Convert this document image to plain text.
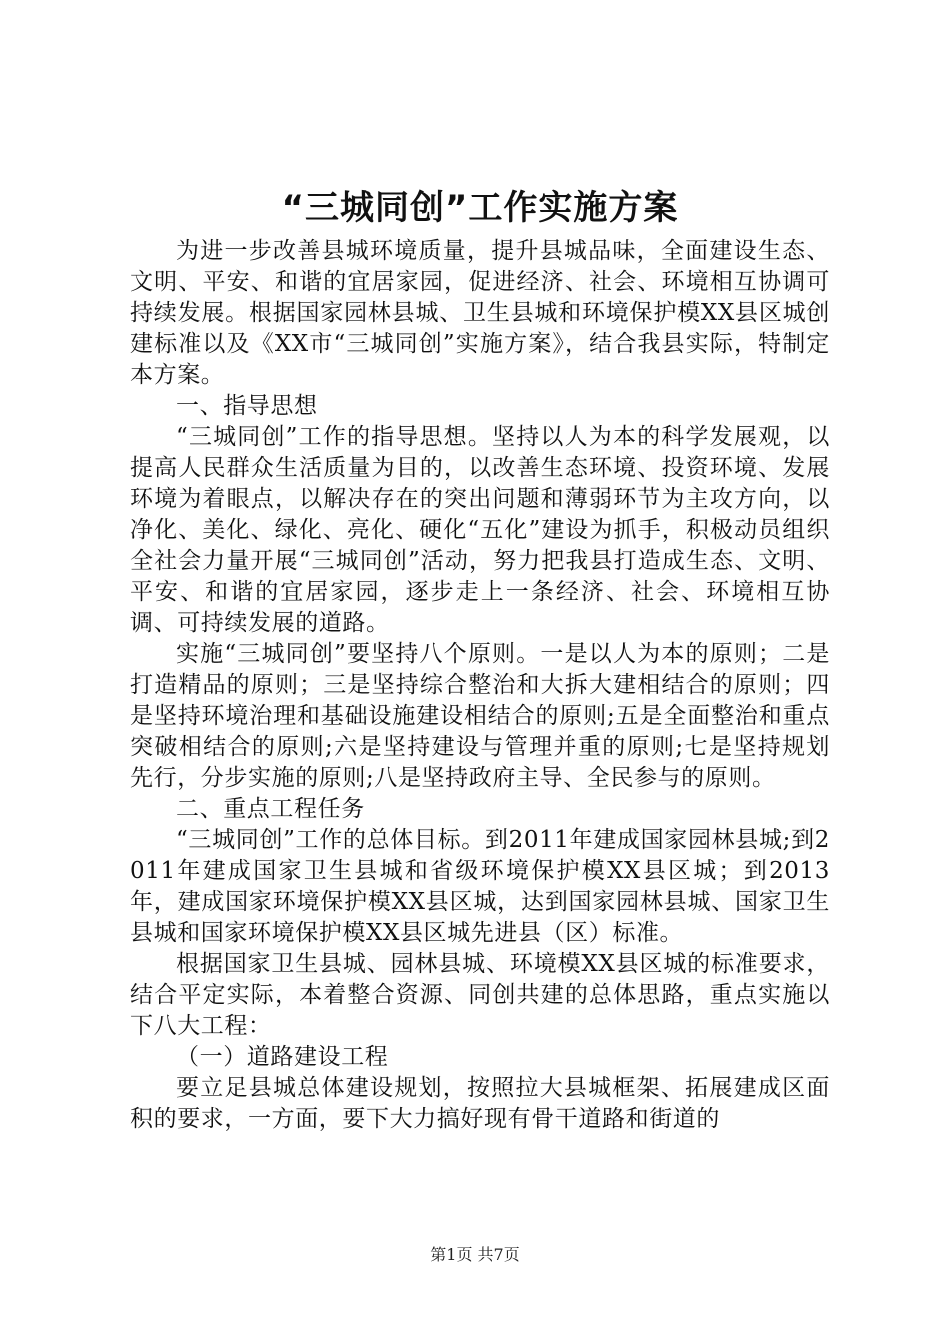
“三城同创”工作实施方案

为进一步改善县城环境质量，提升县城品味，全面建设生态、文明、平安、和谐的宜居家园，促进经济、社会、环境相互协调可持续发展。根据国家园林县城、卫生县城和环境保护模XX县区城创建标准以及《XX市“三城同创”实施方案》，结合我县实际，特制定本方案。

一、指导思想

“三城同创”工作的指导思想。坚持以人为本的科学发展观，以提高人民群众生活质量为目的，以改善生态环境、投资环境、发展环境为着眼点，以解决存在的突出问题和薄弱环节为主攻方向，以净化、美化、绿化、亮化、硬化“五化”建设为抓手，积极动员组织全社会力量开展“三城同创”活动，努力把我县打造成生态、文明、平安、和谐的宜居家园，逐步走上一条经济、社会、环境相互协调、可持续发展的道路。

实施“三城同创”要坚持八个原则。一是以人为本的原则；二是打造精品的原则；三是坚持综合整治和大拆大建相结合的原则；四是坚持环境治理和基础设施建设相结合的原则;五是全面整治和重点突破相结合的原则;六是坚持建设与管理并重的原则;七是坚持规划先行，分步实施的原则;八是坚持政府主导、全民参与的原则。

二、重点工程任务

“三城同创”工作的总体目标。到2011年建成国家园林县城;到2011年建成国家卫生县城和省级环境保护模XX县区城；到2013年，建成国家环境保护模XX县区城，达到国家园林县城、国家卫生县城和国家环境保护模XX县区城先进县（区）标准。

根据国家卫生县城、园林县城、环境模XX县区城的标准要求，结合平定实际，本着整合资源、同创共建的总体思路，重点实施以下八大工程：

（一）道路建设工程

要立足县城总体建设规划，按照拉大县城框架、拓展建成区面积的要求，一方面，要下大力搞好现有骨干道路和街道的

第1页 共7页
